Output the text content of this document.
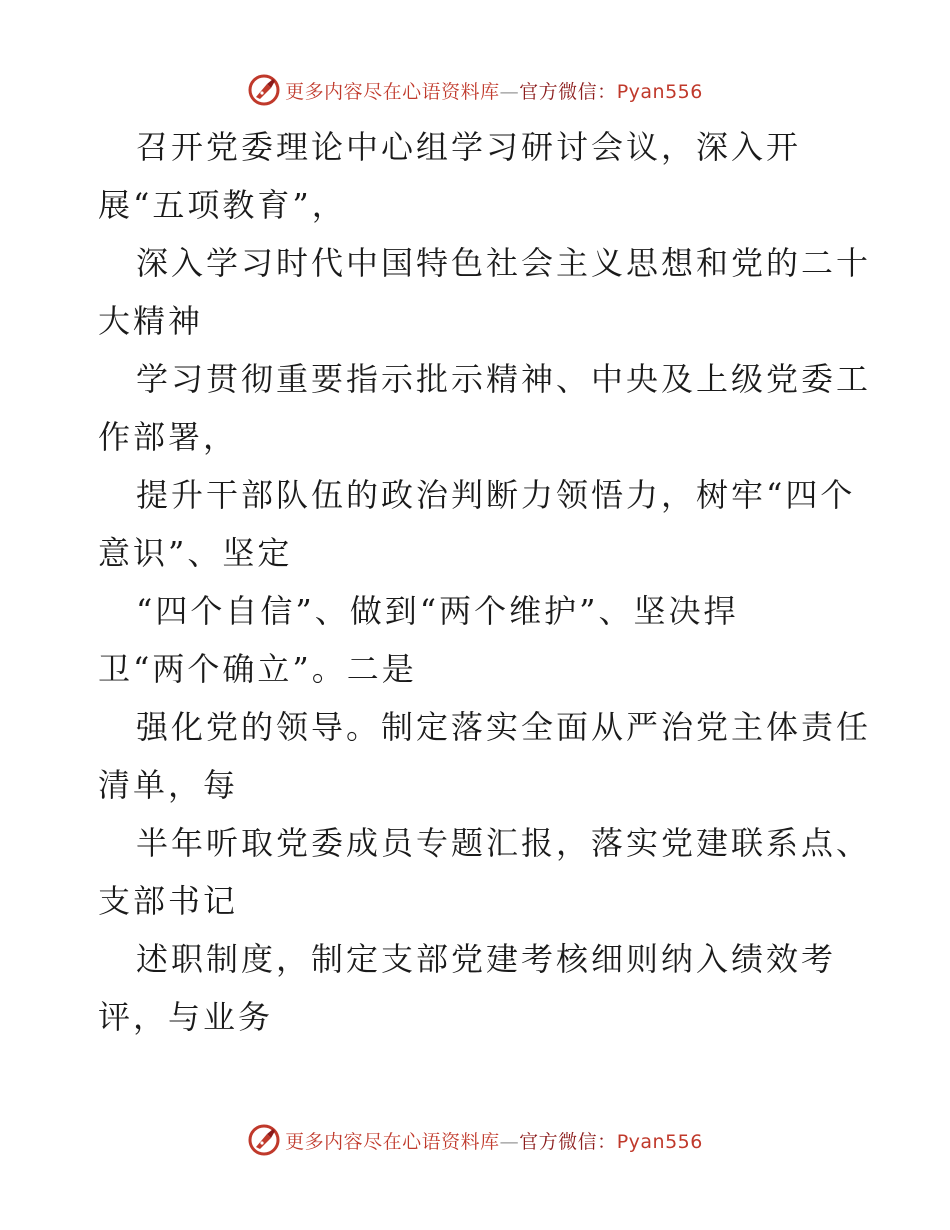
更多内容尽在心语资料库—官方微信：Pyan556

召开党委理论中心组学习研讨会议，深入开
展“五项教育”，

深入学习时代中国特色社会主义思想和党的二十
大精神

学习贯彻重要指示批示精神、中央及上级党委工
作部署，

提升干部队伍的政治判断力领悟力，树牢“四个
意识”、坚定

“四个自信”、做到“两个维护”、坚决捍
卫“两个确立”。二是

强化党的领导。制定落实全面从严治党主体责任
清单，每

半年听取党委成员专题汇报，落实党建联系点、
支部书记

述职制度，制定支部党建考核细则纳入绩效考
评，与业务

更多内容尽在心语资料库—官方微信：Pyan556
